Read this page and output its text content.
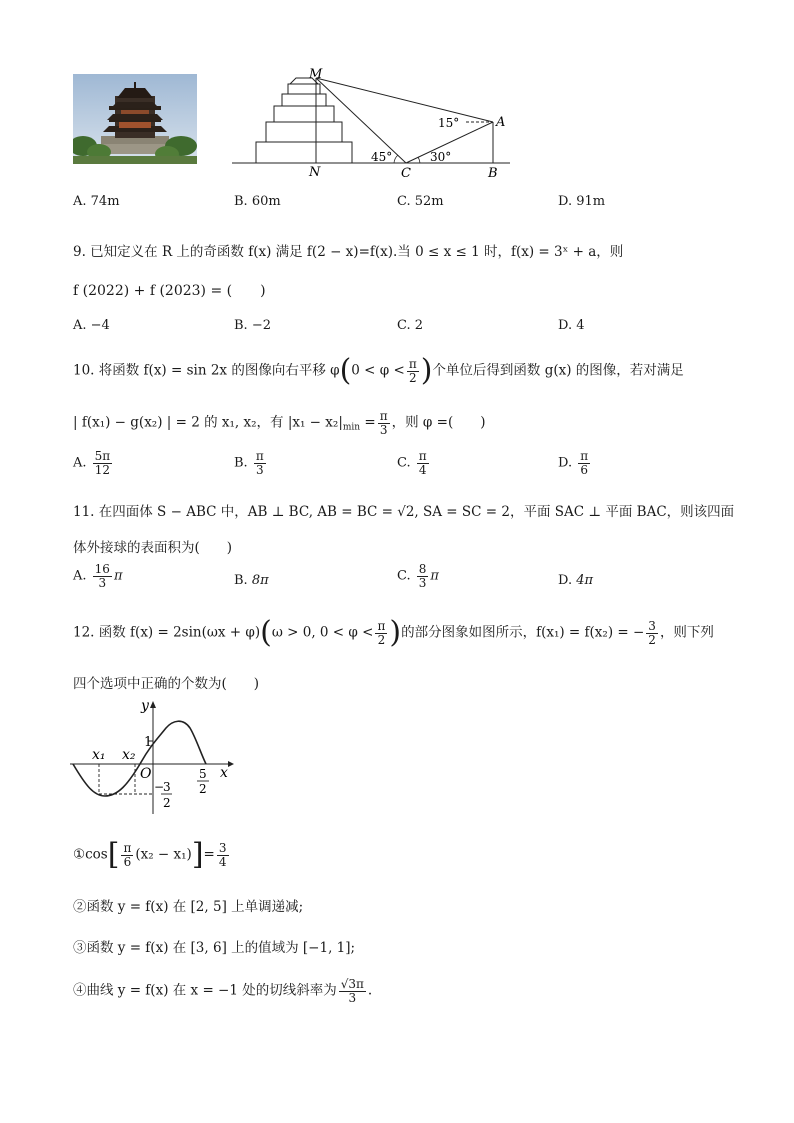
M
N	C	B
A
15°
45°	30°
A. 74m	B. 60m	C. 52m	D. 91m
9. 已知定义在 R 上的奇函数 f(x) 满足 f(2 − x)=f(x).当 0 ≤ x ≤ 1 时，f(x) = 3ˣ + a，则
f (2022) + f (2023) = (　　)
A. −4	B. −2	C. 2	D. 4
10. 将函数 f(x) = sin 2x 的图像向右平移 $\varphi(0 < \varphi < \frac{\pi}{2}$ )个单位后得到函数 g(x) 的图像，若对满足
| f(x₁) − g(x₂) | = 2 的 x₁, x₂，有 $|x_1 - x_2|_{min} = \frac{\pi}{3}$ ，则 φ =(　　)
A. $\frac{5\pi}{12}$	B. $\frac{\pi}{3}$	C. $\frac{\pi}{4}$	D. $\frac{\pi}{6}$
11. 在四面体 S − ABC 中，AB ⊥ BC, AB = BC = √2, SA = SC = 2，平面 SAC ⊥ 平面 BAC，则该四面
体外接球的表面积为(　　)
A. $\frac{16}{3}$ π	B. 8π	C. $\frac{8}{3}$ π	D. 4π
12. 函数 f(x) = 2sin(ωx + φ)(ω > 0, $0 < \varphi < \frac{\pi}{2}$ )的部分图象如图所示，f(x₁) = f(x₂) = − $\frac{3}{2}$ ，则下列
四个选项中正确的个数为(　　)
y
x
x₁ x₂
1
O	5
2
−
3
2
①cos[ $\frac{\pi}{6} (x_2 - x_1)]= \frac{3}{4}$
②函数 y = f(x) 在 [2, 5] 上单调递减;
③函数 y = f(x) 在 [3, 6] 上的值域为 [−1, 1];
④曲线 y = f(x) 在 x = −1 处的切线斜率为 $\frac{√3\pi}{3}$ .
